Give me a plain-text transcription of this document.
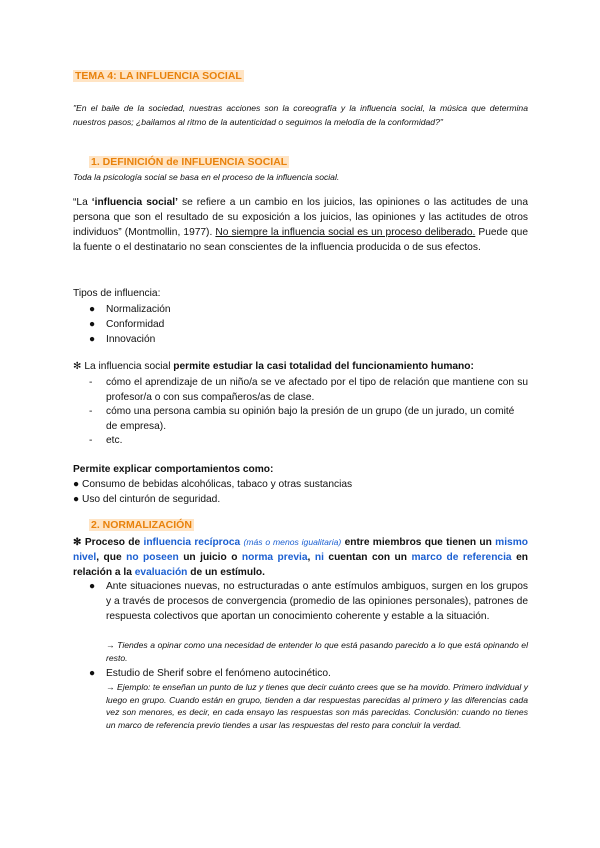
TEMA 4: LA INFLUENCIA SOCIAL
"En el baile de la sociedad, nuestras acciones son la coreografía y la influencia social, la música que determina nuestros pasos; ¿bailamos al ritmo de la autenticidad o seguimos la melodía de la conformidad?"
1. DEFINICIÓN de INFLUENCIA SOCIAL
Toda la psicología social se basa en el proceso de la influencia social.
“La ‘influencia social’ se refiere a un cambio en los juicios, las opiniones o las actitudes de una persona que son el resultado de su exposición a los juicios, las opiniones y las actitudes de otros individuos” (Montmollin, 1977). No siempre la influencia social es un proceso deliberado. Puede que la fuente o el destinatario no sean conscientes de la influencia producida o de sus efectos.
Tipos de influencia:
● Normalización
● Conformidad
● Innovación
✻ La influencia social permite estudiar la casi totalidad del funcionamiento humano:
- cómo el aprendizaje de un niño/a se ve afectado por el tipo de relación que mantiene con su profesor/a o con sus compañeros/as de clase.
- cómo una persona cambia su opinión bajo la presión de un grupo (de un jurado, un comité de empresa).
- etc.
Permite explicar comportamientos como:
● Consumo de bebidas alcohólicas, tabaco y otras sustancias
● Uso del cinturón de seguridad.
2. NORMALIZACIÓN
✻ Proceso de influencia recíproca (más o menos igualitaria) entre miembros que tienen un mismo nivel, que no poseen un juicio o norma previa, ni cuentan con un marco de referencia en relación a la evaluación de un estímulo.
● Ante situaciones nuevas, no estructuradas o ante estímulos ambiguos, surgen en los grupos y a través de procesos de convergencia (promedio de las opiniones personales), patrones de respuesta colectivos que aportan un conocimiento coherente y estable a la situación.
→ Tiendes a opinar como una necesidad de entender lo que está pasando parecido a lo que está opinando el resto.
● Estudio de Sherif sobre el fenómeno autocinético.
→ Ejemplo: te enseñan un punto de luz y tienes que decir cuánto crees que se ha movido. Primero individual y luego en grupo. Cuando están en grupo, tienden a dar respuestas parecidas al primero y las diferencias cada vez son menores, es decir, en cada ensayo las respuestas son más parecidas. Conclusión: cuando no tienes un marco de referencia previo tiendes a usar las respuestas del resto para concluir la verdad.
